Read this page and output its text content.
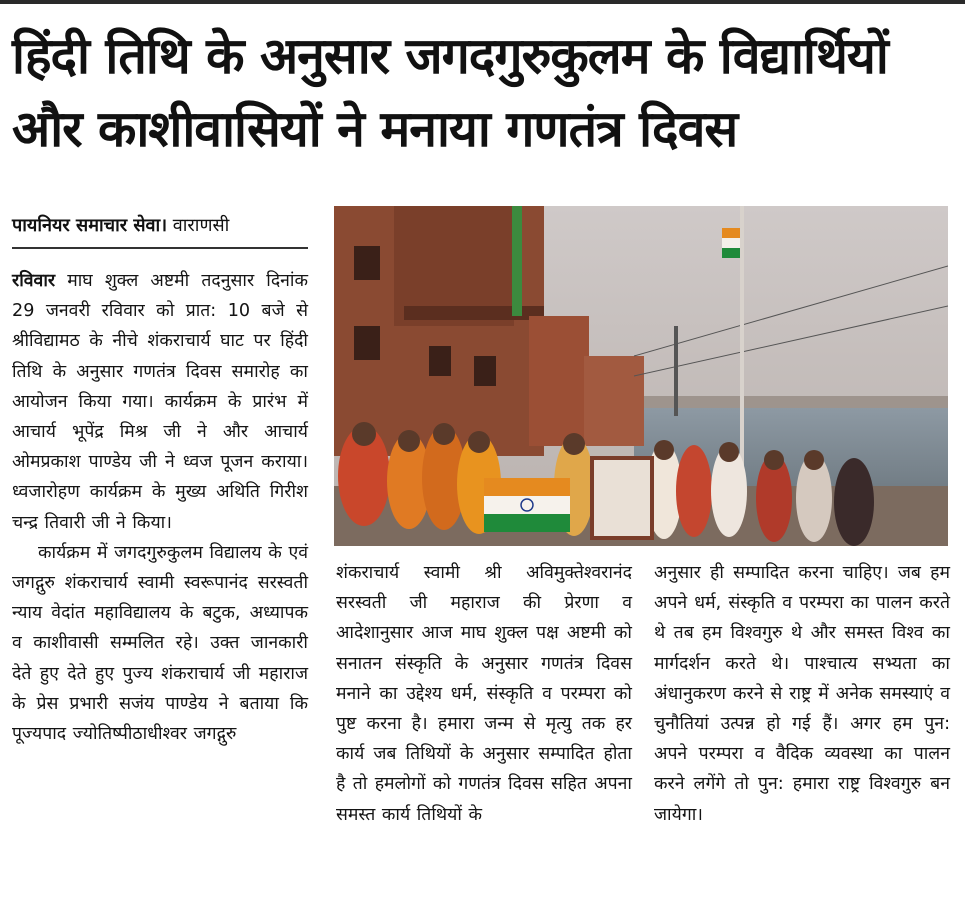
हिंदी तिथि के अनुसार जगदगुरुकुलम के विद्यार्थियों
और काशीवासियों ने मनाया गणतंत्र दिवस
पायनियर समाचार सेवा। वाराणसी

रविवार माघ शुक्ल अष्टमी तदनुसार दिनांक 29 जनवरी रविवार को प्रात: 10 बजे से श्रीविद्यामठ के नीचे शंकराचार्य घाट पर हिंदी तिथि के अनुसार गणतंत्र दिवस समारोह का आयोजन किया गया। कार्यक्रम के प्रारंभ में आचार्य भूपेंद्र मिश्र जी ने और आचार्य ओमप्रकाश पाण्डेय जी ने ध्वज पूजन कराया। ध्वजारोहण कार्यक्रम के मुख्य अथिति गिरीश चन्द्र तिवारी जी ने किया।

कार्यक्रम में जगदगुरुकुलम विद्यालय के एवं जगद्गुरु शंकराचार्य स्वामी स्वरूपानंद सरस्वती न्याय वेदांत महाविद्यालय के बटुक, अध्यापक व काशीवासी सम्मलित रहे। उक्त जानकारी देते हुए देते हुए पुज्य शंकराचार्य जी महाराज के प्रेस प्रभारी सजंय पाण्डेय ने बताया कि पूज्यपाद ज्योतिष्पीठाधीश्वर जगद्गुरु

शंकराचार्य स्वामी श्री अविमुक्तेश्वरानंद सरस्वती जी महाराज की प्रेरणा व आदेशानुसार आज माघ शुक्ल पक्ष अष्टमी को सनातन संस्कृति के अनुसार गणतंत्र दिवस मनाने का उद्देश्य धर्म, संस्कृति व परम्परा को पुष्ट करना है। हमारा जन्म से मृत्यु तक हर कार्य जब तिथियों के अनुसार सम्पादित होता है तो हमलोगों को गणतंत्र दिवस सहित अपना समस्त कार्य तिथियों के

अनुसार ही सम्पादित करना चाहिए। जब हम अपने धर्म, संस्कृति व परम्परा का पालन करते थे तब हम विश्वगुरु थे और समस्त विश्व का मार्गदर्शन करते थे। पाश्चात्य सभ्यता का अंधानुकरण करने से राष्ट्र में अनेक समस्याएं व चुनौतियां उत्पन्न हो गई हैं। अगर हम पुन: अपने परम्परा व वैदिक व्यवस्था का पालन करने लगेंगे तो पुन: हमारा राष्ट्र विश्वगुरु बन जायेगा।
